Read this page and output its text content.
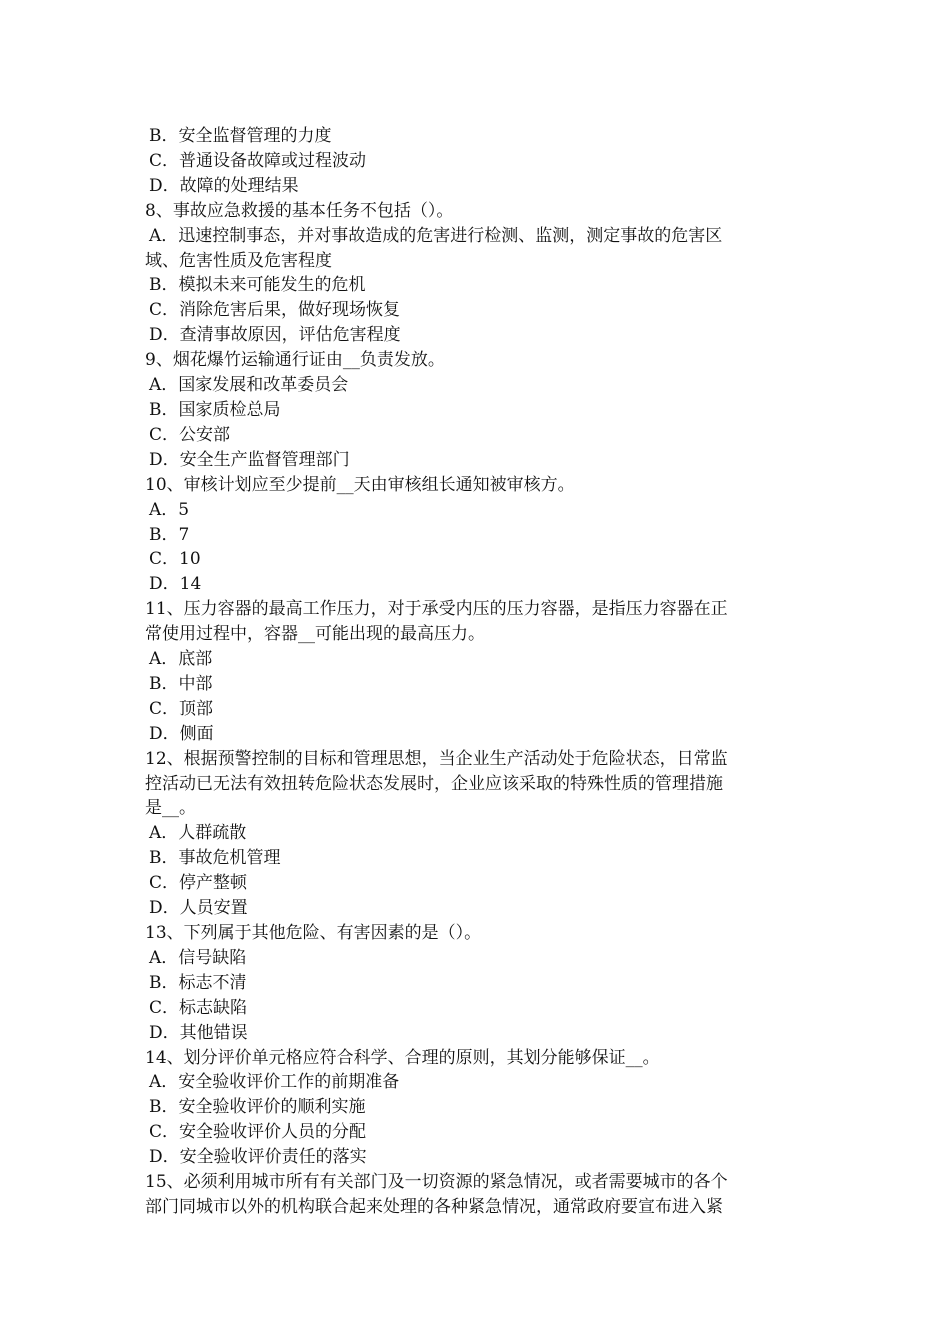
B．安全监督管理的力度

C．普通设备故障或过程波动

D．故障的处理结果

8、事故应急救援的基本任务不包括（）。

A．迅速控制事态，并对事故造成的危害进行检测、监测，测定事故的危害区

域、危害性质及危害程度

B．模拟未来可能发生的危机

C．消除危害后果，做好现场恢复

D．查清事故原因，评估危害程度

9、烟花爆竹运输通行证由__负责发放。

A．国家发展和改革委员会

B．国家质检总局

C．公安部

D．安全生产监督管理部门

10、审核计划应至少提前__天由审核组长通知被审核方。

A．5

B．7

C．10

D．14

11、压力容器的最高工作压力，对于承受内压的压力容器，是指压力容器在正

常使用过程中，容器__可能出现的最高压力。

A．底部

B．中部

C．顶部

D．侧面

12、根据预警控制的目标和管理思想，当企业生产活动处于危险状态，日常监

控活动已无法有效扭转危险状态发展时，企业应该采取的特殊性质的管理措施

是__。

A．人群疏散

B．事故危机管理

C．停产整顿

D．人员安置

13、下列属于其他危险、有害因素的是（）。

A．信号缺陷

B．标志不清

C．标志缺陷

D．其他错误

14、划分评价单元格应符合科学、合理的原则，其划分能够保证__。

A．安全验收评价工作的前期准备

B．安全验收评价的顺利实施

C．安全验收评价人员的分配

D．安全验收评价责任的落实

15、必须利用城市所有有关部门及一切资源的紧急情况，或者需要城市的各个

部门同城市以外的机构联合起来处理的各种紧急情况，通常政府要宣布进入紧
